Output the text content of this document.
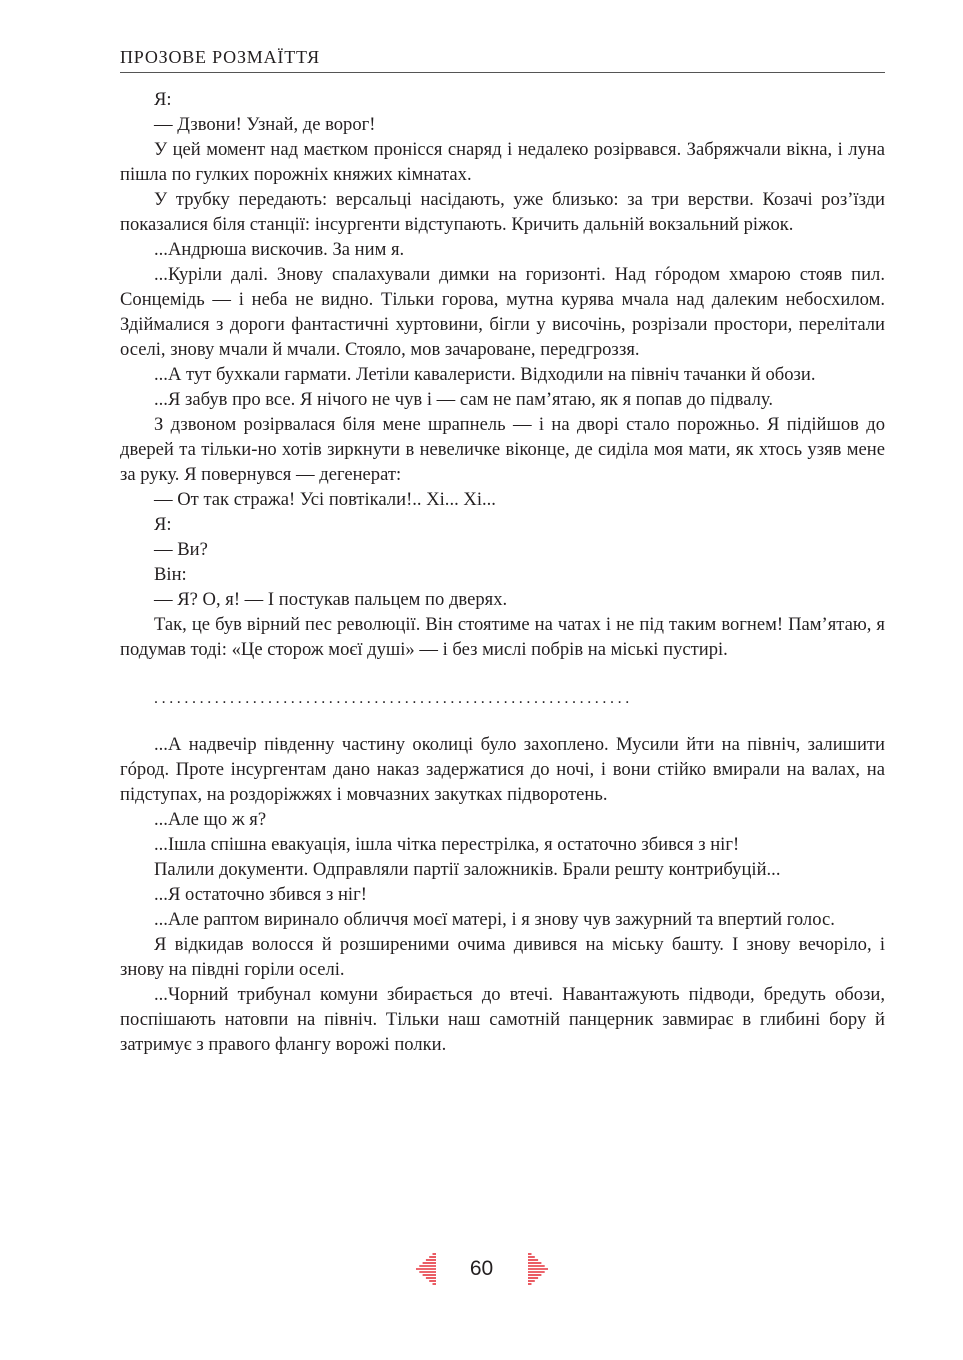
ПРОЗОВЕ РОЗМАЇТТЯ

Я:

— Дзвони! Узнай, де ворог!

У цей момент над маєтком пронісся снаряд і недалеко розірвався. Забряжчали вікна, і луна пішла по гулких порожніх княжих кімнатах.

У трубку передають: версальці насідають, уже близько: за три верстви. Козачі роз’їзди показалися біля станції: інсургенти відступають. Кричить дальній вокзальний ріжок.

...Андрюша вискочив. За ним я.

...Куріли далі. Знову спалахували димки на горизонті. Над гóродом хмарою стояв пил. Сонцемідь — і неба не видно. Тільки горова, мутна курява мчала над далеким небосхилом. Здіймалися з дороги фантастичні хуртовини, бігли у височінь, розрізали простори, перелітали оселі, знову мчали й мчали. Стояло, мов зачароване, передгроззя.

...А тут бухкали гармати. Летіли кавалеристи. Відходили на північ тачанки й обози.

...Я забув про все. Я нічого не чув і — сам не пам’ятаю, як я попав до підвалу.

З дзвоном розірвалася біля мене шрапнель — і на дворі стало порожньо. Я підійшов до дверей та тільки-но хотів зиркнути в невеличке віконце, де сиділа моя мати, як хтось узяв мене за руку. Я повернувся — дегенерат:

— От так стража! Усі повтікали!.. Хі... Хі...

Я:

— Ви?

Він:

— Я? О, я! — І постукав пальцем по дверях.

Так, це був вірний пес революції. Він стоятиме на чатах і не під таким вогнем! Пам’ятаю, я подумав тоді: «Це сторож моєї душі» — і без мислі побрів на міські пустирі.

...............................................................

...А надвечір південну частину околиці було захоплено. Мусили йти на північ, залишити гóрод. Проте інсургентам дано наказ задержатися до ночі, і вони стійко вмирали на валах, на підступах, на роздоріжжях і мовчазних закутках підворотень.

...Але що ж я?

...Ішла спішна евакуація, ішла чітка перестрілка, я остаточно збився з ніг!

Палили документи. Одправляли партії заложників. Брали решту контрибуцій...

...Я остаточно збився з ніг!

...Але раптом виринало обличчя моєї матері, і я знову чув зажурний та впертий голос.

Я відкидав волосся й розширеними очима дивився на міську башту. І знову вечоріло, і знову на півдні горіли оселі.

...Чорний трибунал комуни збирається до втечі. Навантажують підводи, бредуть обози, поспішають натовпи на північ. Тільки наш самотній панцерник завмирає в глибині бору й затримує з правого флангу ворожі полки.

60
